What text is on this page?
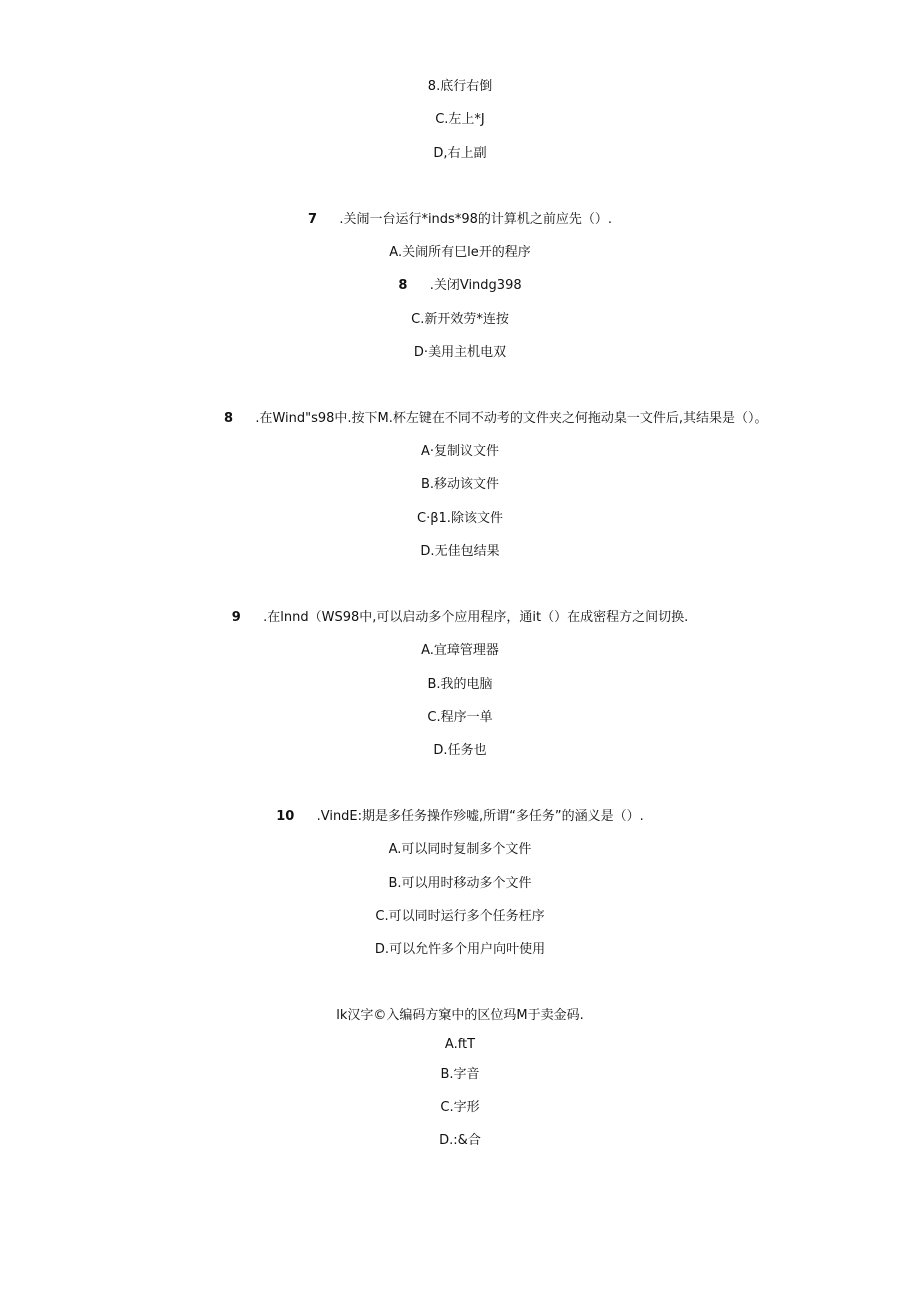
8.底行右倒
C.左上*J
D,右上副
7 .关闹一台运行*inds*98的计算机之前应先（）.
A.关闹所有巳le开的程序
8 .关闭Vindg398
C.新开效劳*连按
D·美用主机电双
8 .在Wind"s98中.按下M.杯左键在不同不动考的文件夹之何拖动臬一文件后,其结果是（）。
A·复制议文件
B.移动该文件
C·β1.除该文件
D.无佳包结果
9 .在lnnd（WS98中,可以启动多个应用程序，通it（）在成密程方之间切换.
A.宜璋管理器
B.我的电脑
C.程序一单
D.任务也
10 .VindE:期是多任务操作殄嘘,所谓“多任务”的涵义是（）.
A.可以同时复制多个文件
B.可以用时移动多个文件
C.可以同时运行多个任务枉序
D.可以允忤多个用户向叶使用
lk汉字©入编码方窠中的区位玛M于卖金码.
A.ftT
B.字音
C.字形
D.:&合
